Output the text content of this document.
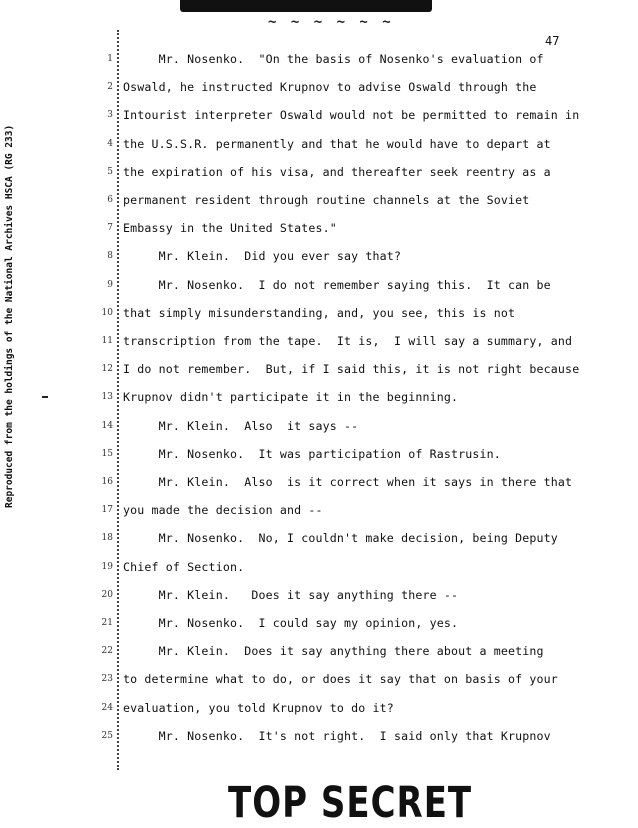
~ ~ ~ ~ ~ ~
47
Reproduced from the holdings of the National Archives HSCA (RG 233)
1 Mr. Nosenko.  "On the basis of Nosenko's evaluation of
2 Oswald, he instructed Krupnov to advise Oswald through the
3 Intourist interpreter Oswald would not be permitted to remain in
4 the U.S.S.R. permanently and that he would have to depart at
5 the expiration of his visa, and thereafter seek reentry as a
6 permanent resident through routine channels at the Soviet
7 Embassy in the United States."
8 Mr. Klein.  Did you ever say that?
9 Mr. Nosenko.  I do not remember saying this.  It can be
10 that simply misunderstanding, and, you see, this is not
11 transcription from the tape.  It is,  I will say a summary, and
12 I do not remember.  But, if I said this, it is not right because
13 Krupnov didn't participate it in the beginning.
14 Mr. Klein.  Also  it says --
15 Mr. Nosenko.  It was participation of Rastrusin.
16 Mr. Klein.  Also  is it correct when it says in there that
17 you made the decision and --
18 Mr. Nosenko.  No, I couldn't make decision, being Deputy
19 Chief of Section.
20 Mr. Klein.   Does it say anything there --
21 Mr. Nosenko.  I could say my opinion, yes.
22 Mr. Klein.  Does it say anything there about a meeting
23 to determine what to do, or does it say that on basis of your
24 evaluation, you told Krupnov to do it?
25 Mr. Nosenko.  It's not right.  I said only that Krupnov
TOP SECRET
